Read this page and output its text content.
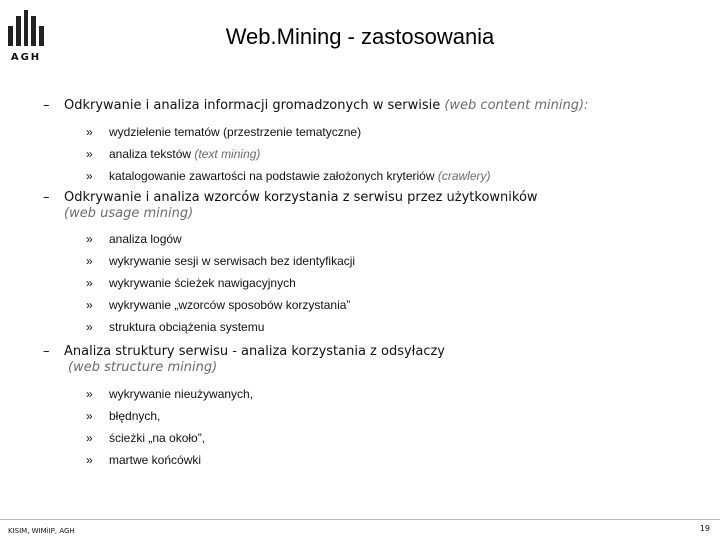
AGH
Web.Mining - zastosowania
– Odkrywanie i analiza informacji gromadzonych w serwisie (web content mining):
» wydzielenie tematów (przestrzenie tematyczne)
» analiza tekstów (text mining)
» katalogowanie zawartości na podstawie założonych kryteriów (crawlery)
– Odkrywanie i analiza wzorców korzystania z serwisu przez użytkowników
(web usage mining)
» analiza logów
» wykrywanie sesji w serwisach bez identyfikacji
» wykrywanie ścieżek nawigacyjnych
» wykrywanie „wzorców sposobów korzystania”
» struktura obciążenia systemu
– Analiza struktury serwisu - analiza korzystania z odsyłaczy
(web structure mining)
» wykrywanie nieużywanych,
» błędnych,
» ścieżki „na około”,
» martwe końcówki
KISIM, WIMiIP, AGH	19
